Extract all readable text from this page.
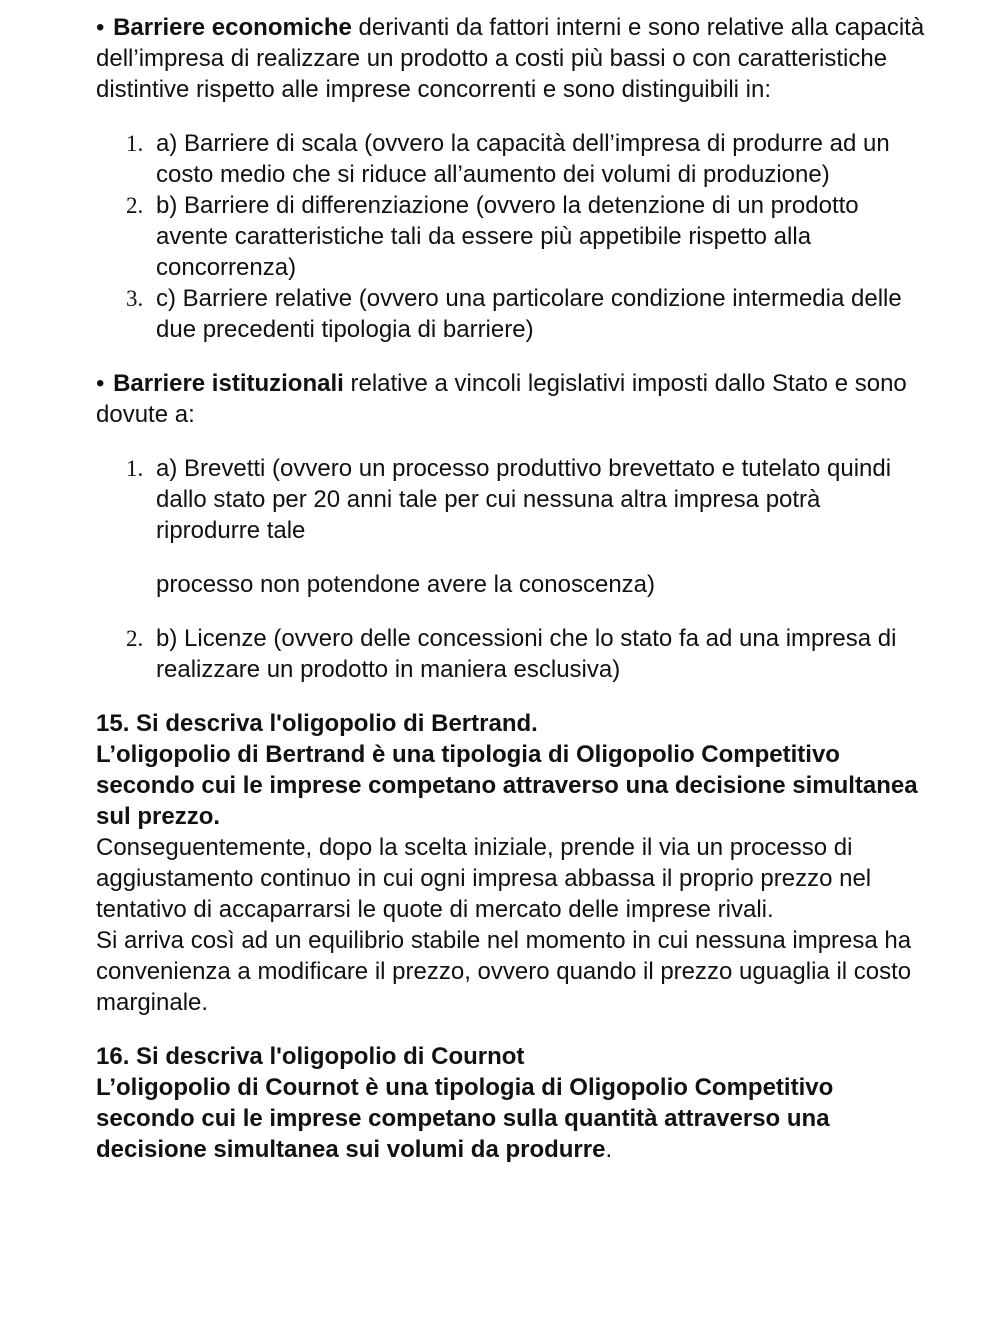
• Barriere economiche derivanti da fattori interni e sono relative alla capacità dell’impresa di realizzare un prodotto a costi più bassi o con caratteristiche distintive rispetto alle imprese concorrenti e sono distinguibili in:

1. a) Barriere di scala (ovvero la capacità dell’impresa di produrre ad un costo medio che si riduce all’aumento dei volumi di produzione)
2. b) Barriere di differenziazione (ovvero la detenzione di un prodotto avente caratteristiche tali da essere più appetibile rispetto alla concorrenza)
3. c) Barriere relative (ovvero una particolare condizione intermedia delle due precedenti tipologia di barriere)

• Barriere istituzionali relative a vincoli legislativi imposti dallo Stato e sono dovute a:

1. a) Brevetti (ovvero un processo produttivo brevettato e tutelato quindi dallo stato per 20 anni tale per cui nessuna altra impresa potrà riprodurre tale

processo non potendone avere la conoscenza)

2. b) Licenze (ovvero delle concessioni che lo stato fa ad una impresa di realizzare un prodotto in maniera esclusiva)

15. Si descriva l'oligopolio di Bertrand.

L’oligopolio di Bertrand è una tipologia di Oligopolio Competitivo secondo cui le imprese competano attraverso una decisione simultanea sul prezzo.

Conseguentemente, dopo la scelta iniziale, prende il via un processo di aggiustamento continuo in cui ogni impresa abbassa il proprio prezzo nel tentativo di accaparrarsi le quote di mercato delle imprese rivali.

Si arriva così ad un equilibrio stabile nel momento in cui nessuna impresa ha convenienza a modificare il prezzo, ovvero quando il prezzo uguaglia il costo marginale.

16. Si descriva l'oligopolio di Cournot

L’oligopolio di Cournot è una tipologia di Oligopolio Competitivo secondo cui le imprese competano sulla quantità attraverso una decisione simultanea sui volumi da produrre.
